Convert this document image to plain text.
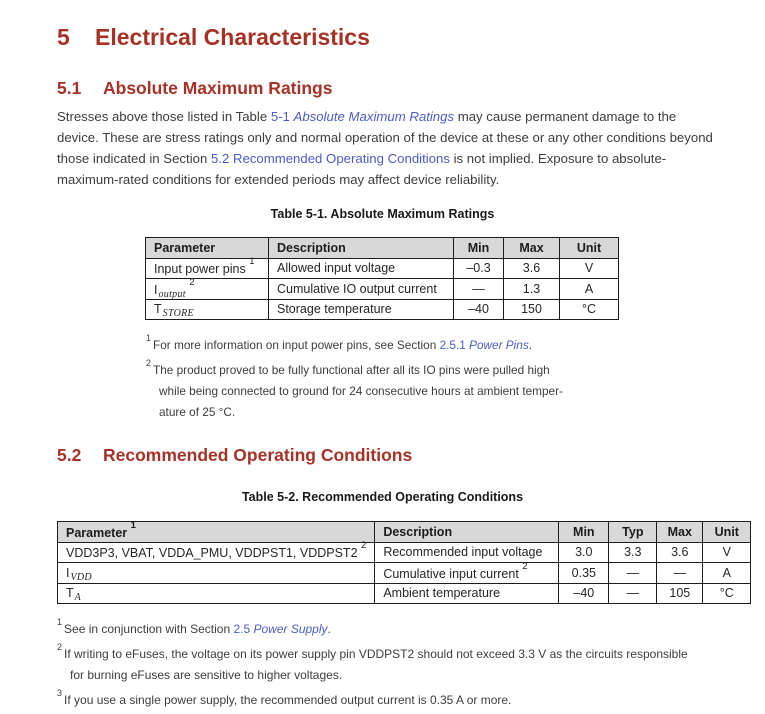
5 Electrical Characteristics
5.1 Absolute Maximum Ratings

Stresses above those listed in Table 5-1 Absolute Maximum Ratings may cause permanent damage to the device. These are stress ratings only and normal operation of the device at these or any other conditions beyond those indicated in Section 5.2 Recommended Operating Conditions is not implied. Exposure to absolute-maximum-rated conditions for extended periods may affect device reliability.

Table 5-1. Absolute Maximum Ratings
Parameter	Description	Min	Max	Unit
Input power pins $^1$	Allowed input voltage	–0.3	3.6	V
$I_{output}$ $^2$	Cumulative IO output current	—	1.3	A
$T_{STORE}$	Storage temperature	–40	150	°C
$^1$ For more information on input power pins, see Section 2.5.1 Power Pins.
$^2$ The product proved to be fully functional after all its IO pins were pulled high
while being connected to ground for 24 consecutive hours at ambient temper-
ature of 25 °C.
5.2 Recommended Operating Conditions
Table 5-2. Recommended Operating Conditions
Parameter $^1$	Description	Min	Typ	Max	Unit
VDD3P3, VBAT, VDDA_PMU, VDDPST1, VDDPST2 $^2$	Recommended input voltage	3.0	3.3	3.6	V
$I_{VDD}$	Cumulative input current $^2$	0.35	—	—	A
$T_A$	Ambient temperature	–40	—	105	°C
$^1$ See in conjunction with Section 2.5 Power Supply.
$^2$ If writing to eFuses, the voltage on its power supply pin VDDPST2 should not exceed 3.3 V as the circuits responsible
for burning eFuses are sensitive to higher voltages.
$^3$ If you use a single power supply, the recommended output current is 0.35 A or more.
